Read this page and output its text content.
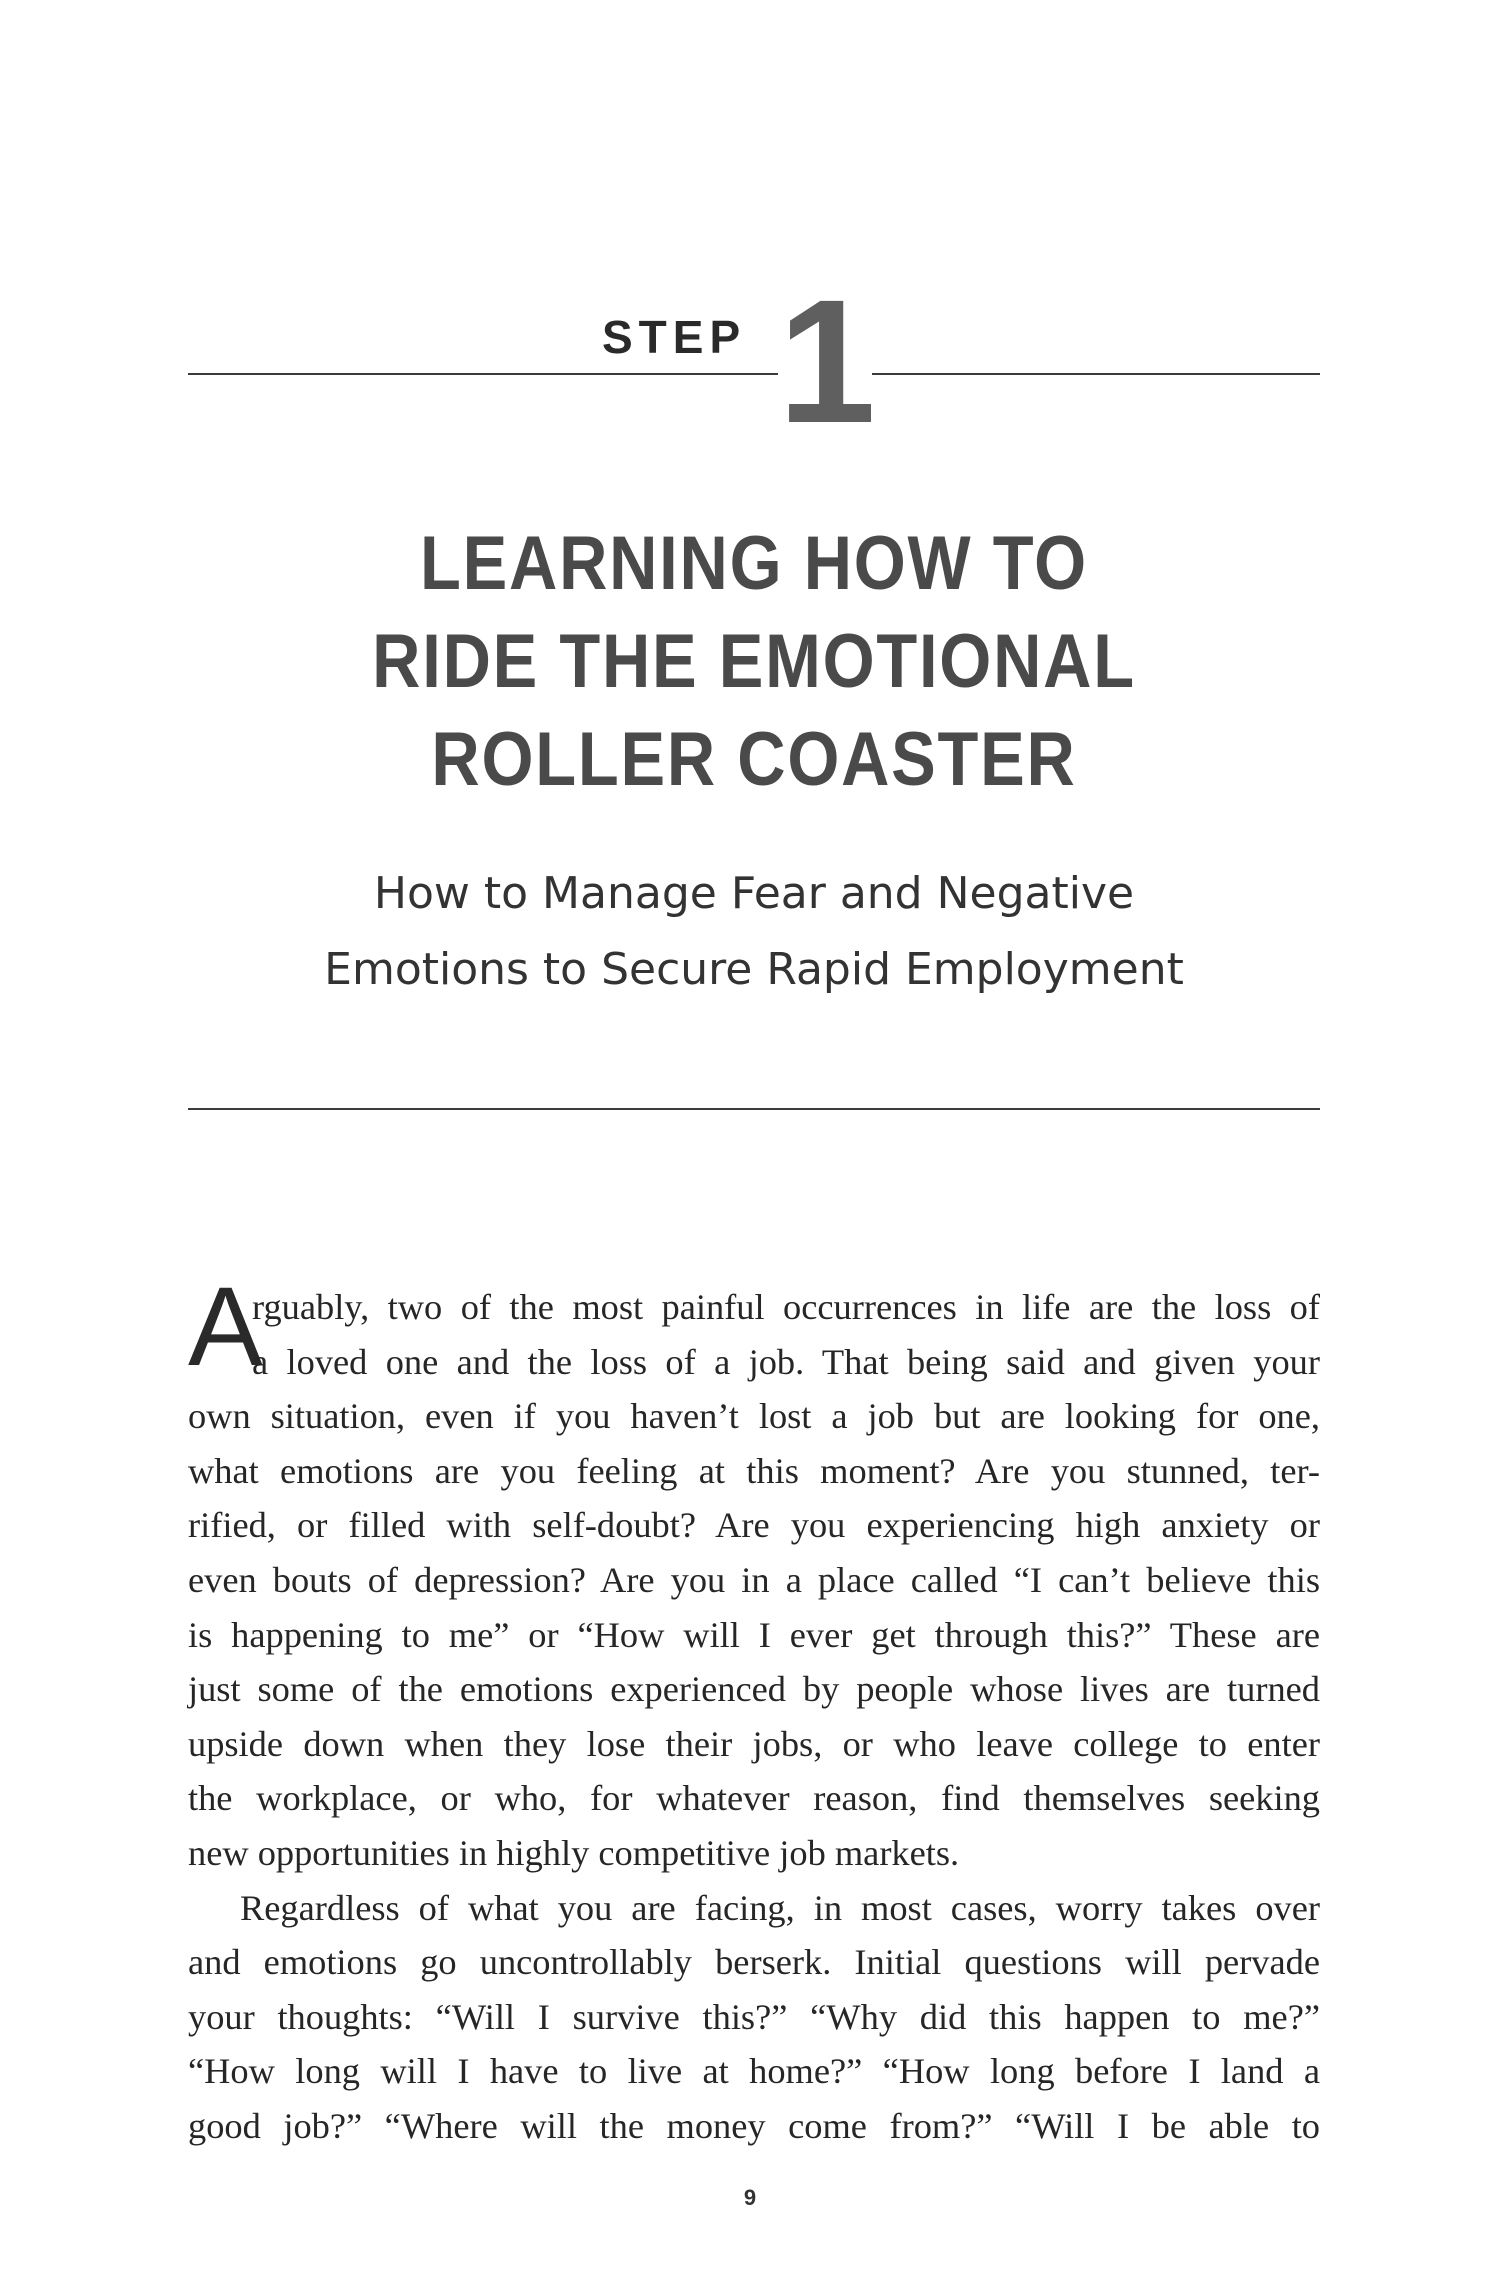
STEP 1
LEARNING HOW TO
RIDE THE EMOTIONAL
ROLLER COASTER
How to Manage Fear and Negative
Emotions to Secure Rapid Employment
A
rguably, two of the most painful occurrences in life are the loss of
a loved one and the loss of a job. That being said and given your
own situation, even if you haven’t lost a job but are looking for one,
what emotions are you feeling at this moment? Are you stunned, ter-
rified, or filled with self-doubt? Are you experiencing high anxiety or
even bouts of depression? Are you in a place called “I can’t believe this
is happening to me” or “How will I ever get through this?” These are
just some of the emotions experienced by people whose lives are turned
upside down when they lose their jobs, or who leave college to enter
the workplace, or who, for whatever reason, find themselves seeking
new opportunities in highly competitive job markets.
Regardless of what you are facing, in most cases, worry takes over
and emotions go uncontrollably berserk. Initial questions will pervade
your thoughts: “Will I survive this?” “Why did this happen to me?”
“How long will I have to live at home?” “How long before I land a
good job?” “Where will the money come from?” “Will I be able to
9
